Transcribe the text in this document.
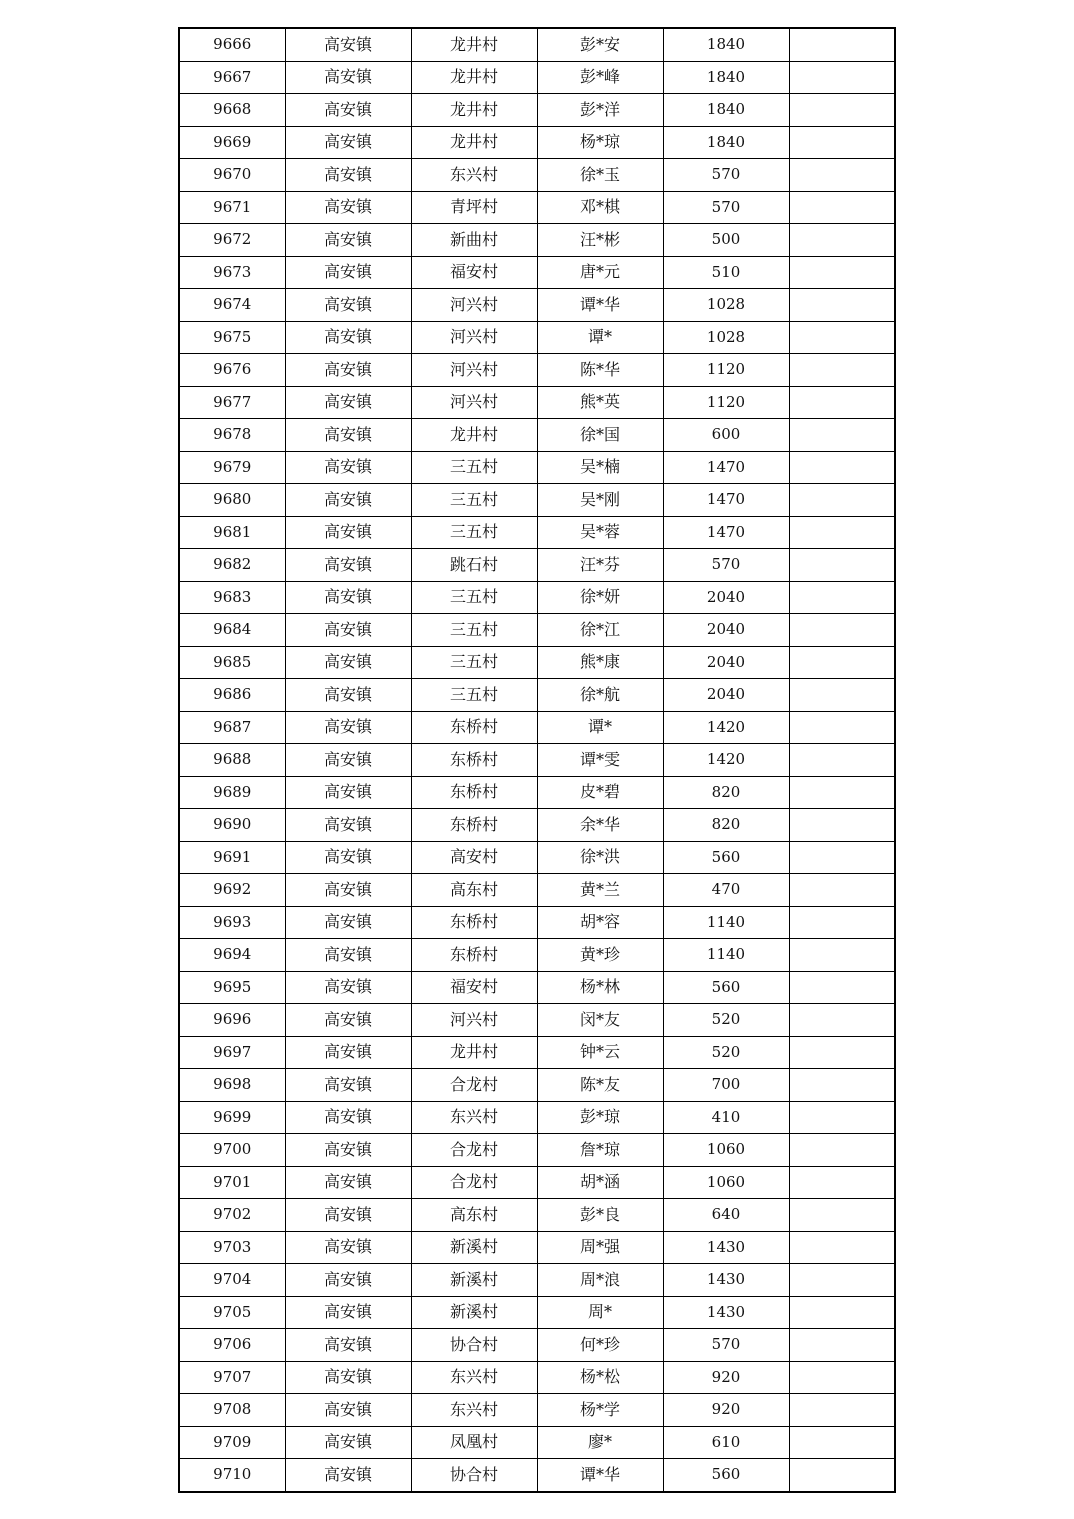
9666	高安镇	龙井村	彭*安	1840	
9667	高安镇	龙井村	彭*峰	1840	
9668	高安镇	龙井村	彭*洋	1840	
9669	高安镇	龙井村	杨*琼	1840	
9670	高安镇	东兴村	徐*玉	570	
9671	高安镇	青坪村	邓*棋	570	
9672	高安镇	新曲村	汪*彬	500	
9673	高安镇	福安村	唐*元	510	
9674	高安镇	河兴村	谭*华	1028	
9675	高安镇	河兴村	谭*	1028	
9676	高安镇	河兴村	陈*华	1120	
9677	高安镇	河兴村	熊*英	1120	
9678	高安镇	龙井村	徐*国	600	
9679	高安镇	三五村	吴*楠	1470	
9680	高安镇	三五村	吴*刚	1470	
9681	高安镇	三五村	吴*蓉	1470	
9682	高安镇	跳石村	汪*芬	570	
9683	高安镇	三五村	徐*妍	2040	
9684	高安镇	三五村	徐*江	2040	
9685	高安镇	三五村	熊*康	2040	
9686	高安镇	三五村	徐*航	2040	
9687	高安镇	东桥村	谭*	1420	
9688	高安镇	东桥村	谭*雯	1420	
9689	高安镇	东桥村	皮*碧	820	
9690	高安镇	东桥村	余*华	820	
9691	高安镇	高安村	徐*洪	560	
9692	高安镇	高东村	黄*兰	470	
9693	高安镇	东桥村	胡*容	1140	
9694	高安镇	东桥村	黄*珍	1140	
9695	高安镇	福安村	杨*林	560	
9696	高安镇	河兴村	闵*友	520	
9697	高安镇	龙井村	钟*云	520	
9698	高安镇	合龙村	陈*友	700	
9699	高安镇	东兴村	彭*琼	410	
9700	高安镇	合龙村	詹*琼	1060	
9701	高安镇	合龙村	胡*涵	1060	
9702	高安镇	高东村	彭*良	640	
9703	高安镇	新溪村	周*强	1430	
9704	高安镇	新溪村	周*浪	1430	
9705	高安镇	新溪村	周*	1430	
9706	高安镇	协合村	何*珍	570	
9707	高安镇	东兴村	杨*松	920	
9708	高安镇	东兴村	杨*学	920	
9709	高安镇	凤凰村	廖*	610	
9710	高安镇	协合村	谭*华	560	
